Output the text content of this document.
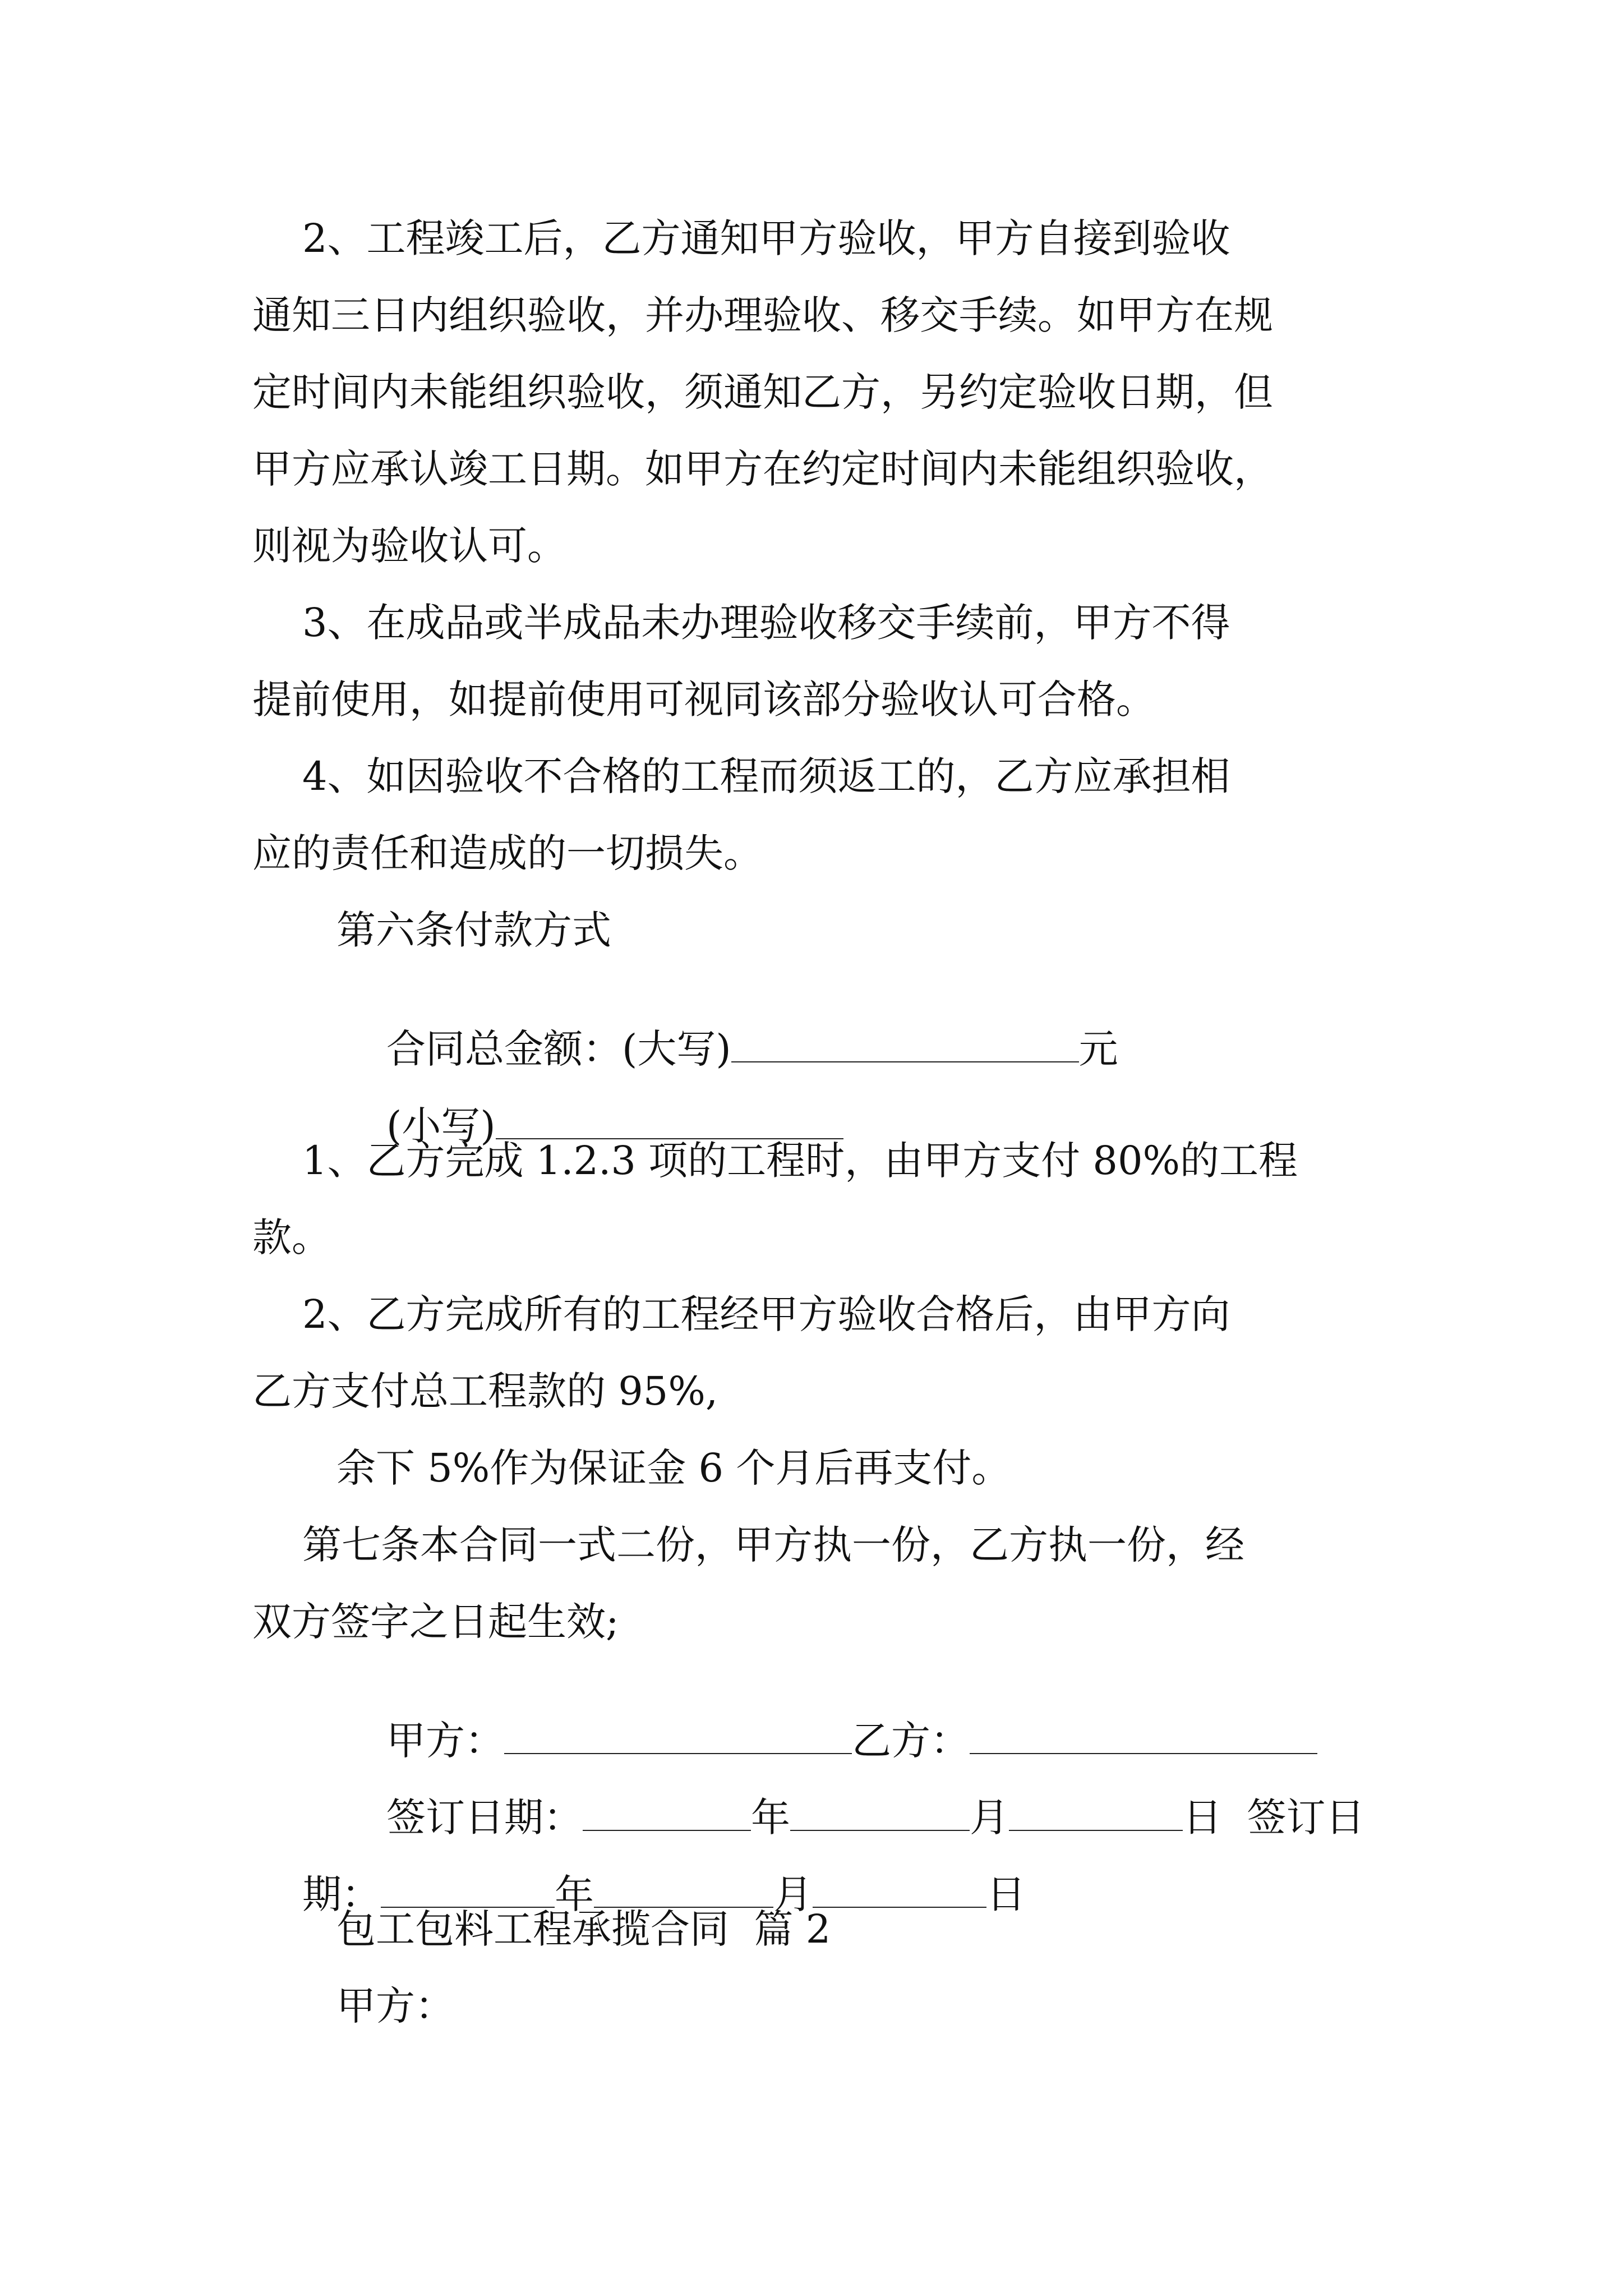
2、工程竣工后，乙方通知甲方验收，甲方自接到验收
通知三日内组织验收，并办理验收、移交手续。如甲方在规
定时间内未能组织验收，须通知乙方，另约定验收日期，但
甲方应承认竣工日期。如甲方在约定时间内未能组织验收，
则视为验收认可。
3、在成品或半成品未办理验收移交手续前，甲方不得
提前使用，如提前使用可视同该部分验收认可合格。
4、如因验收不合格的工程而须返工的，乙方应承担相
应的责任和造成的一切损失。
第六条付款方式

合同总金额：(大写)	元

(小写)

1、乙方完成 1.2.3 项的工程时，由甲方支付 80%的工程
款。
2、乙方完成所有的工程经甲方验收合格后，由甲方向
乙方支付总工程款的 95%,
余下 5%作为保证金 6 个月后再支付。
第七条本合同一式二份，甲方执一份，乙方执一份，经
双方签字之日起生效;

甲方：	乙方：

签订日期：	年	月	日 签订日

期：	年	月	日

包工包料工程承揽合同  篇 2
甲方：
